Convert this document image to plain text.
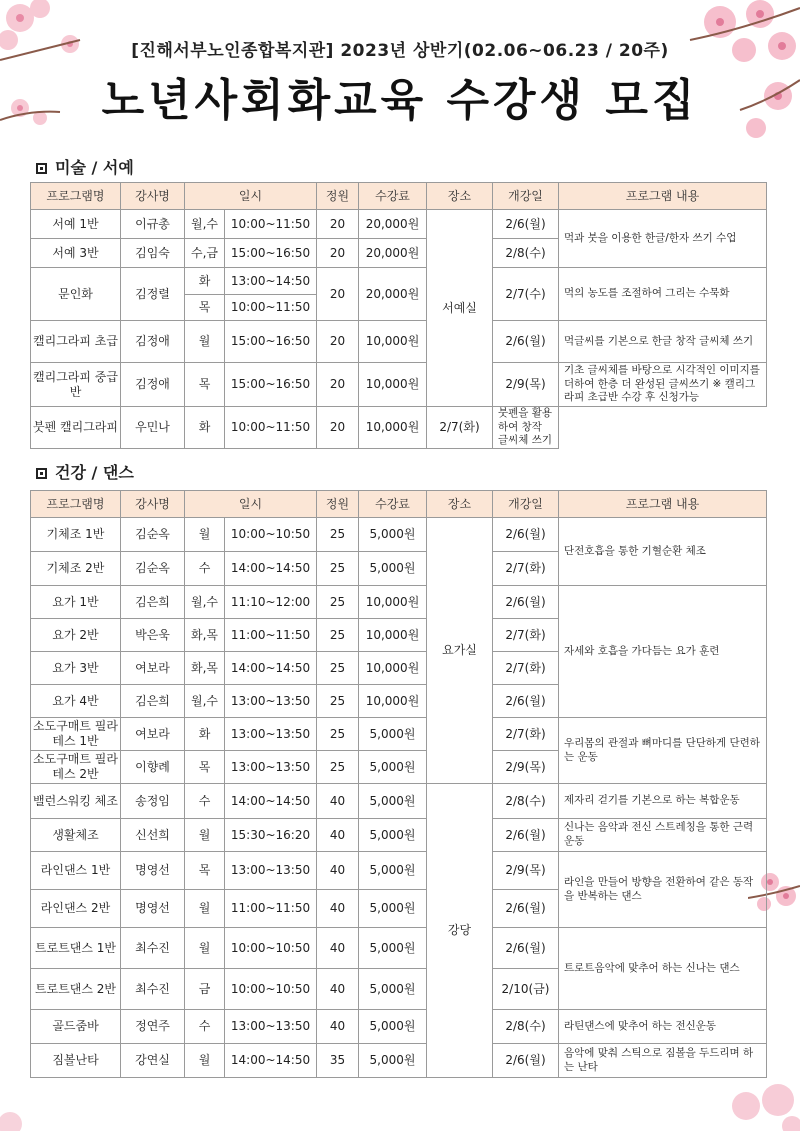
[진해서부노인종합복지관] 2023년 상반기(02.06~06.23 / 20주)
노년사회화교육 수강생 모집
미술 / 서예
프로그램명	강사명	일시		정원	수강료	장소	개강일	프로그램 내용
서예 1반	이규총	월,수	10:00~11:50	20	20,000원	서예실	2/6(월)	먹과 붓을 이용한 한글/한자 쓰기 수업
서예 3반	김임숙	수,금	15:00~16:50	20	20,000원		2/8(수)	
문인화	김정렬	화	13:00~14:50	20	20,000원		2/7(수)	먹의 농도를 조절하여 그리는 수묵화
		목	10:00~11:50					
캘리그라피 초급	김정애	월	15:00~16:50	20	10,000원		2/6(월)	먹글씨를 기본으로 한글 창작 글씨체 쓰기
캘리그라피 중급반	김정애	목	15:00~16:50	20	10,000원		2/9(목)	기초 글씨체를 바탕으로 시각적인 이미지를 더하여 한층 더 완성된 글씨쓰기 ※ 캘리그라피 초급반 수강 후 신청가능
붓펜 캘리그라피	우민나	화	10:00~11:50	20	10,000원	2/7(화)	붓펜을 활용하여 창작 글씨체 쓰기	
건강 / 댄스
프로그램명	강사명	일시		정원	수강료	장소	개강일	프로그램 내용
기체조 1반	김순옥	월	10:00~10:50	25	5,000원	요가실	2/6(월)	단전호흡을 통한 기혈순환 체조
기체조 2반	김순옥	수	14:00~14:50	25	5,000원		2/7(화)	
요가 1반	김은희	월,수	11:10~12:00	25	10,000원		2/6(월)	자세와 호흡을 가다듬는 요가 훈련
요가 2반	박은욱	화,목	11:00~11:50	25	10,000원		2/7(화)	
요가 3반	여보라	화,목	14:00~14:50	25	10,000원		2/7(화)	
요가 4반	김은희	월,수	13:00~13:50	25	10,000원		2/6(월)	
소도구매트 필라테스 1반	여보라	화	13:00~13:50	25	5,000원		2/7(화)	우리몸의 관절과 뼈마디를 단단하게 단련하는 운동
소도구매트 필라테스 2반	이향례	목	13:00~13:50	25	5,000원		2/9(목)	
밸런스워킹 체조	송정임	수	14:00~14:50	40	5,000원	강당	2/8(수)	제자리 걷기를 기본으로 하는 복합운동
생활체조	신선희	월	15:30~16:20	40	5,000원		2/6(월)	신나는 음악과 전신 스트레칭을 통한 근력운동
라인댄스 1반	명영선	목	13:00~13:50	40	5,000원		2/9(목)	라인을 만들어 방향을 전환하여 같은 동작을 반복하는 댄스
라인댄스 2반	명영선	월	11:00~11:50	40	5,000원		2/6(월)	
트로트댄스 1반	최수진	월	10:00~10:50	40	5,000원		2/6(월)	트로트음악에 맞추어 하는 신나는 댄스
트로트댄스 2반	최수진	금	10:00~10:50	40	5,000원		2/10(금)	
골드줌바	정연주	수	13:00~13:50	40	5,000원		2/8(수)	라틴댄스에 맞추어 하는 전신운동
짐볼난타	강연실	월	14:00~14:50	35	5,000원		2/6(월)	음악에 맞춰 스틱으로 짐볼을 두드리며 하는 난타
